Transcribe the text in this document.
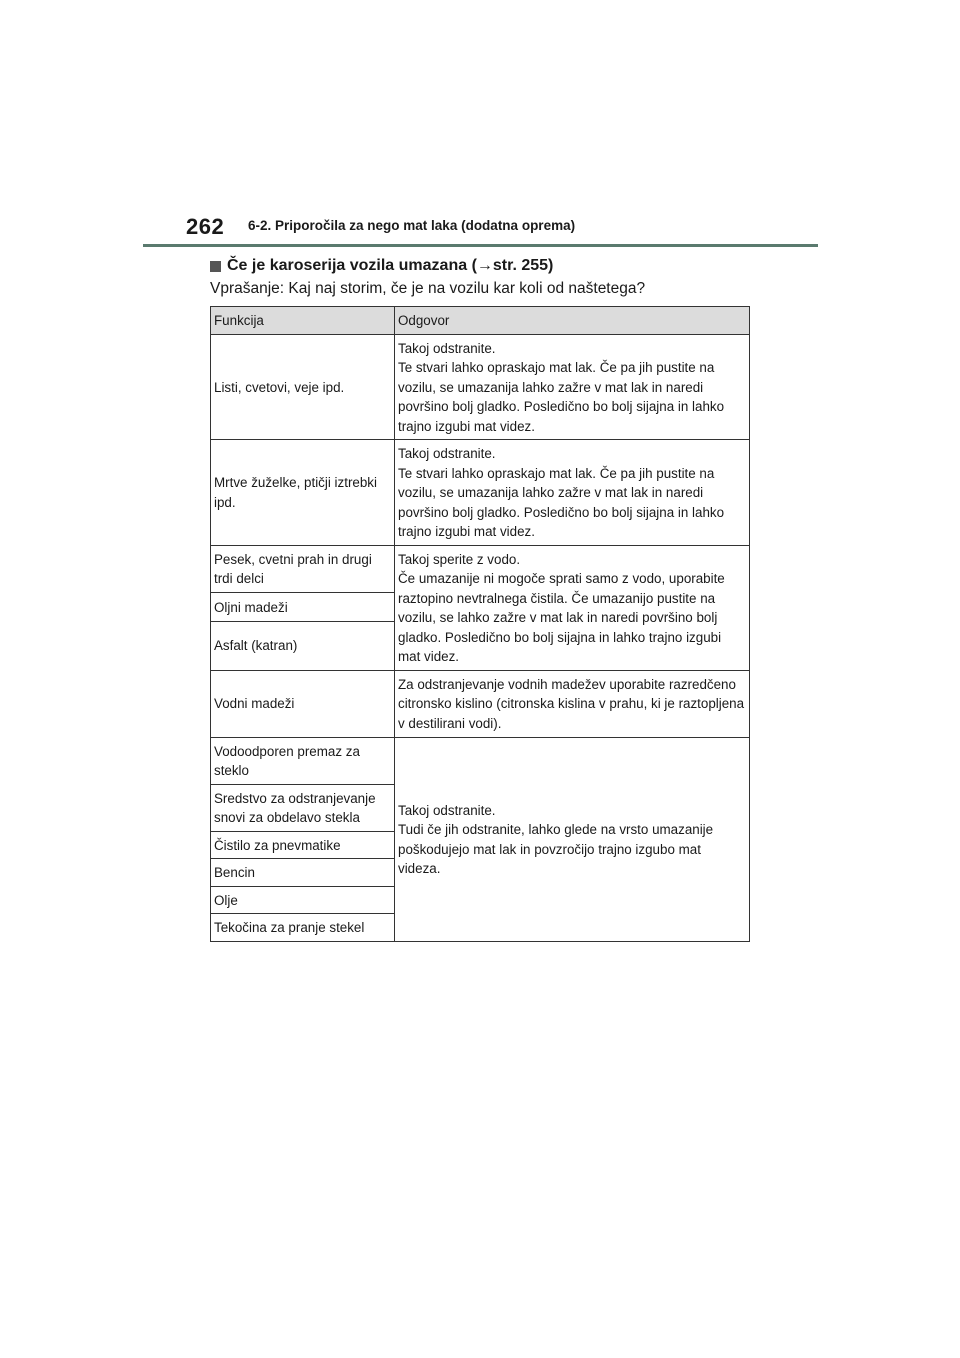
262 6-2. Priporočila za nego mat laka (dodatna oprema)
Če je karoserija vozila umazana (→str. 255)
Vprašanje: Kaj naj storim, če je na vozilu kar koli od naštetega?
Funkcija	Odgovor
Listi, cvetovi, veje ipd.	Takoj odstranite.
Te stvari lahko opraskajo mat lak. Če pa jih pustite na vozilu, se umazanija lahko zažre v mat lak in naredi površino bolj gladko. Posledično bo bolj sijajna in lahko trajno izgubi mat videz.
Mrtve žuželke, ptičji iztrebki ipd.	Takoj odstranite.
Te stvari lahko opraskajo mat lak. Če pa jih pustite na vozilu, se umazanija lahko zažre v mat lak in naredi površino bolj gladko. Posledično bo bolj sijajna in lahko trajno izgubi mat videz.
Pesek, cvetni prah in drugi trdi delci	Takoj sperite z vodo.
Če umazanije ni mogoče sprati samo z vodo, uporabite raztopino nevtralnega čistila. Če umazanijo pustite na vozilu, se lahko zažre v mat lak in naredi površino bolj gladko. Posledično bo bolj sijajna in lahko trajno izgubi mat videz.
Oljni madeži	
Asfalt (katran)	
Vodni madeži	Za odstranjevanje vodnih madežev uporabite razredčeno citronsko kislino (citronska kislina v prahu, ki je raztopljena v destilirani vodi).
Vodoodporen premaz za steklo	Takoj odstranite.
Tudi če jih odstranite, lahko glede na vrsto umazanije poškodujejo mat lak in povzročijo trajno izgubo mat videza.
Sredstvo za odstranjevanje snovi za obdelavo stekla	
Čistilo za pnevmatike	
Bencin	
Olje	
Tekočina za pranje stekel	
